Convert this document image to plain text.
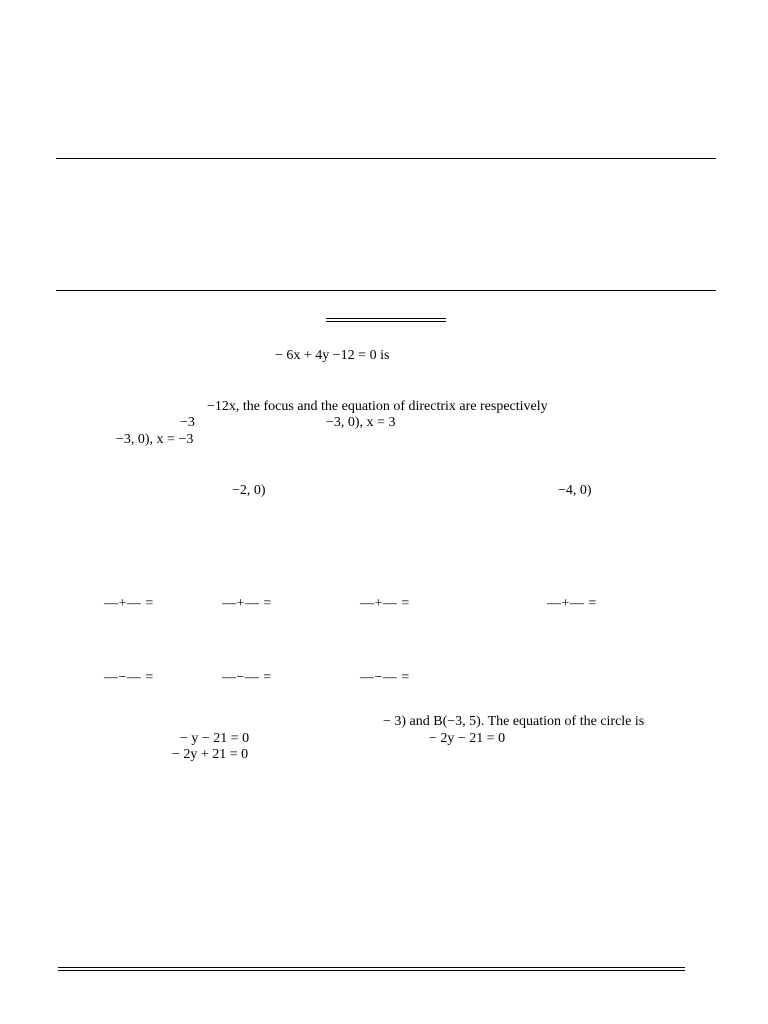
− 6x + 4y −12 = 0 is
−12x, the focus and the equation of directrix are respectively
−3	−3, 0), x = 3
−3, 0), x = −3
−2, 0)	−4, 0)
—+— =	—+— =	—+— =	—+— =
—−— =	—−— =	—−— =
− 3) and B(−3, 5). The equation of the circle is
− y − 21 = 0	− 2y − 21 = 0
− 2y + 21 = 0
